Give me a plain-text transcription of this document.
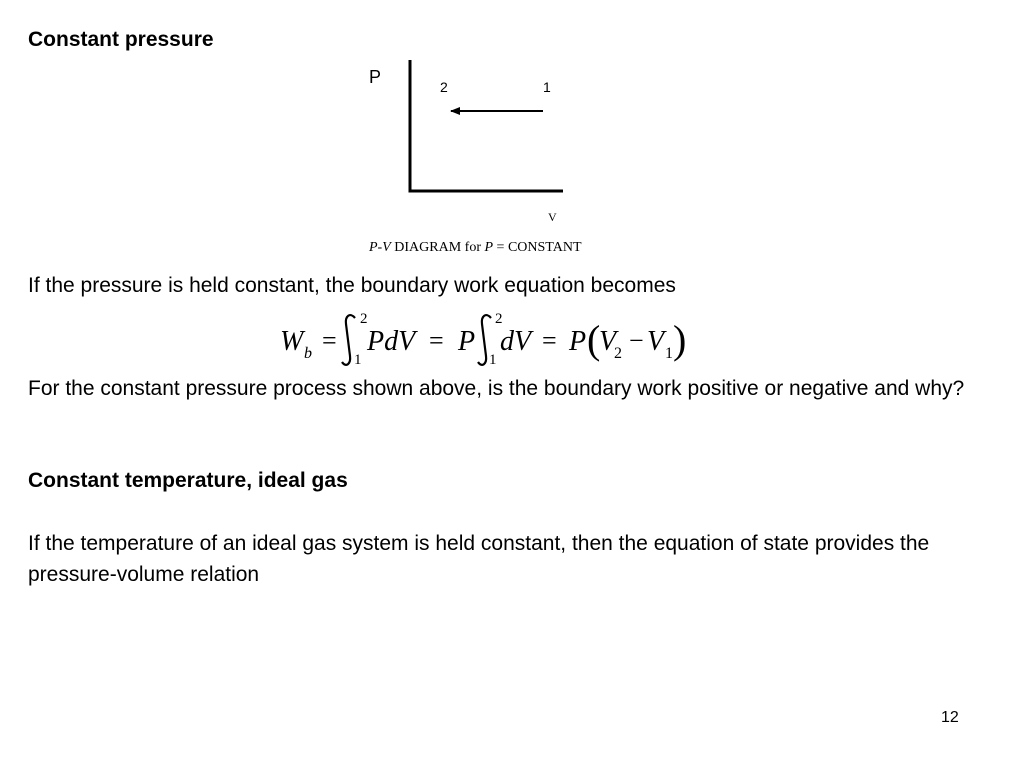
Constant pressure
P	2	1
V
P-V DIAGRAM for P = CONSTANT

If the pressure is held constant, the boundary work equation becomes

W b =
2
1
PdV = P
2
1
dV = P (
V
2 − V 1 )

For the constant pressure process shown above, is the boundary work positive or negative and why?

Constant temperature, ideal gas

If the temperature of an ideal gas system is held constant, then the equation of state provides the pressure-volume relation

12
